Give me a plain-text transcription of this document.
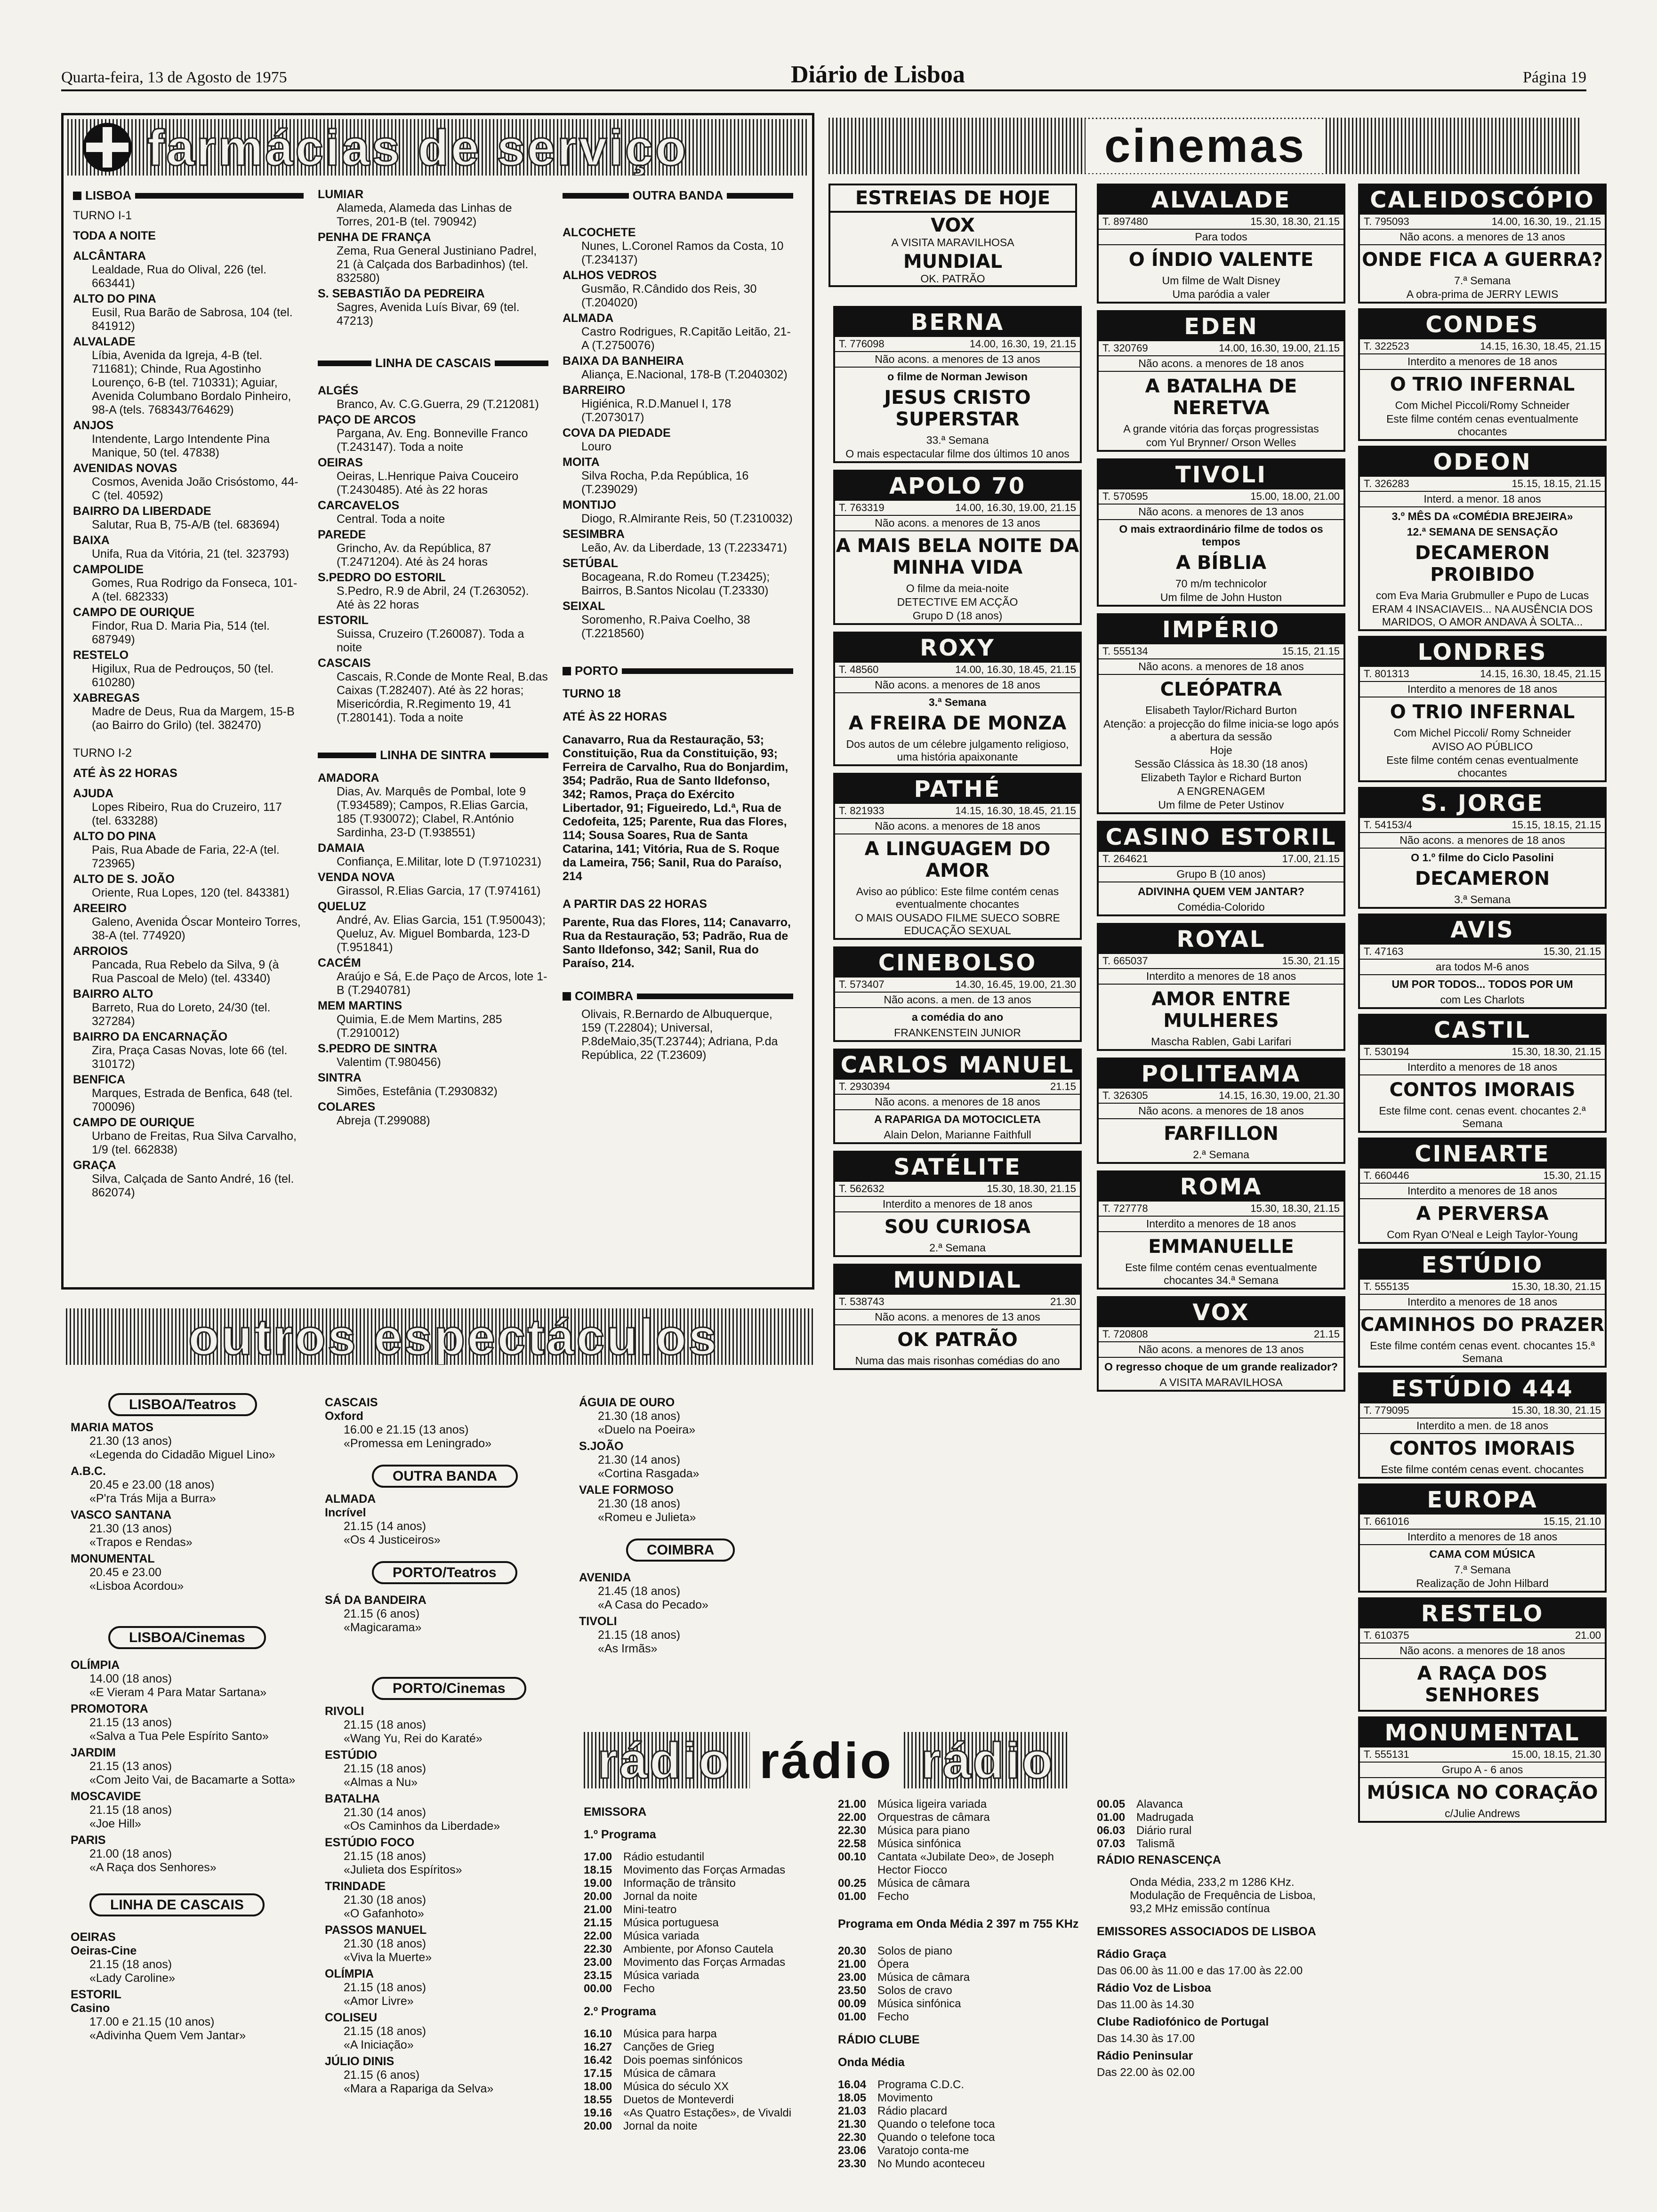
Quarta-feira, 13 de Agosto de 1975	Diário de Lisboa	Página 19
farmácias de serviço
LISBOA
TURNO I-1
TODA A NOITE
ALCÂNTARA
Lealdade, Rua do Olival, 226 (tel. 663441)
ALTO DO PINA
Eusil, Rua Barão de Sabrosa, 104 (tel. 841912)
ALVALADE
Líbia, Avenida da Igreja, 4-B (tel. 711681); Chinde, Rua Agostinho Lourenço, 6-B (tel. 710331); Aguiar, Avenida Columbano Bordalo Pinheiro, 98-A (tels. 768343/764629)
ANJOS
Intendente, Largo Intendente Pina Manique, 50 (tel. 47838)
AVENIDAS NOVAS
Cosmos, Avenida João Crisóstomo, 44-C (tel. 40592)
BAIRRO DA LIBERDADE
Salutar, Rua B, 75-A/B (tel. 683694)
BAIXA
Unifa, Rua da Vitória, 21 (tel. 323793)
CAMPOLIDE
Gomes, Rua Rodrigo da Fonseca, 101-A (tel. 682333)
CAMPO DE OURIQUE
Findor, Rua D. Maria Pia, 514 (tel. 687949)
RESTELO
Higilux, Rua de Pedrouços, 50 (tel. 610280)
XABREGAS
Madre de Deus, Rua da Margem, 15-B (ao Bairro do Grilo) (tel. 382470)
TURNO I-2
ATÉ ÀS 22 HORAS
AJUDA
Lopes Ribeiro, Rua do Cruzeiro, 117 (tel. 633288)
ALTO DO PINA
Pais, Rua Abade de Faria, 22-A (tel. 723965)
ALTO DE S. JOÃO
Oriente, Rua Lopes, 120 (tel. 843381)
AREEIRO
Galeno, Avenida Óscar Monteiro Torres, 38-A (tel. 774920)
ARROIOS
Pancada, Rua Rebelo da Silva, 9 (à Rua Pascoal de Melo) (tel. 43340)
BAIRRO ALTO
Barreto, Rua do Loreto, 24/30 (tel. 327284)
BAIRRO DA ENCARNAÇÃO
Zira, Praça Casas Novas, lote 66 (tel. 310172)
BENFICA
Marques, Estrada de Benfica, 648 (tel. 700096)
CAMPO DE OURIQUE
Urbano de Freitas, Rua Silva Carvalho, 1/9 (tel. 662838)
GRAÇA
Silva, Calçada de Santo André, 16 (tel. 862074)
LUMIAR
Alameda, Alameda das Linhas de Torres, 201-B (tel. 790942)
PENHA DE FRANÇA
Zema, Rua General Justiniano Padrel, 21 (à Calçada dos Barbadinhos) (tel. 832580)
S. SEBASTIÃO DA PEDREIRA
Sagres, Avenida Luís Bivar, 69 (tel. 47213)
LINHA DE CASCAIS
ALGÉS
Branco, Av. C.G.Guerra, 29 (T.212081)
PAÇO DE ARCOS
Pargana, Av. Eng. Bonneville Franco (T.243147). Toda a noite
OEIRAS
Oeiras, L.Henrique Paiva Couceiro (T.2430485). Até às 22 horas
CARCAVELOS
Central. Toda a noite
PAREDE
Grincho, Av. da República, 87 (T.2471204). Até às 24 horas
S.PEDRO DO ESTORIL
S.Pedro, R.9 de Abril, 24 (T.263052). Até às 22 horas
ESTORIL
Suissa, Cruzeiro (T.260087). Toda a noite
CASCAIS
Cascais, R.Conde de Monte Real, B.das Caixas (T.282407). Até às 22 horas; Misericórdia, R.Regimento 19, 41 (T.280141). Toda a noite
LINHA DE SINTRA
AMADORA
Dias, Av. Marquês de Pombal, lote 9 (T.934589); Campos, R.Elias Garcia, 185 (T.930072); Clabel, R.António Sardinha, 23-D (T.938551)
DAMAIA
Confiança, E.Militar, lote D (T.9710231)
VENDA NOVA
Girassol, R.Elias Garcia, 17 (T.974161)
QUELUZ
André, Av. Elias Garcia, 151 (T.950043); Queluz, Av. Miguel Bombarda, 123-D (T.951841)
CACÉM
Araújo e Sá, E.de Paço de Arcos, lote 1-B (T.2940781)
MEM MARTINS
Quimia, E.de Mem Martins, 285 (T.2910012)
S.PEDRO DE SINTRA
Valentim (T.980456)
SINTRA
Simões, Estefânia (T.2930832)
COLARES
Abreja (T.299088)
OUTRA BANDA
ALCOCHETE
Nunes, L.Coronel Ramos da Costa, 10 (T.234137)
ALHOS VEDROS
Gusmão, R.Cândido dos Reis, 30 (T.204020)
ALMADA
Castro Rodrigues, R.Capitão Leitão, 21-A (T.2750076)
BAIXA DA BANHEIRA
Aliança, E.Nacional, 178-B (T.2040302)
BARREIRO
Higiénica, R.D.Manuel I, 178 (T.2073017)
COVA DA PIEDADE
Louro
MOITA
Silva Rocha, P.da República, 16 (T.239029)
MONTIJO
Diogo, R.Almirante Reis, 50 (T.2310032)
SESIMBRA
Leão, Av. da Liberdade, 13 (T.2233471)
SETÚBAL
Bocageana, R.do Romeu (T.23425); Bairros, B.Santos Nicolau (T.23330)
SEIXAL
Soromenho, R.Paiva Coelho, 38 (T.2218560)
PORTO
TURNO 18
ATÉ ÀS 22 HORAS
Canavarro, Rua da Restauração, 53; Constituição, Rua da Constituição, 93; Ferreira de Carvalho, Rua do Bonjardim, 354; Padrão, Rua de Santo Ildefonso, 342; Ramos, Praça do Exército Libertador, 91; Figueiredo, Ld.ª, Rua de Cedofeita, 125; Parente, Rua das Flores, 114; Sousa Soares, Rua de Santa Catarina, 141; Vitória, Rua de S. Roque da Lameira, 756; Sanil, Rua do Paraíso, 214
A PARTIR DAS 22 HORAS
Parente, Rua das Flores, 114; Canavarro, Rua da Restauração, 53; Padrão, Rua de Santo Ildefonso, 342; Sanil, Rua do Paraíso, 214.
COIMBRA
Olivais, R.Bernardo de Albuquerque, 159 (T.22804); Universal, P.8deMaio,35(T.23744); Adriana, P.da República, 22 (T.23609)
cinemas
ESTREIAS DE HOJE
VOX
A VISITA MARAVILHOSA
MUNDIAL
OK. PATRÃO
BERNA
T. 776098	14.00, 16.30, 19, 21.15
Não acons. a menores de 13 anos
o filme de Norman Jewison
JESUS CRISTO SUPERSTAR
33.ª Semana
O mais espectacular filme dos últimos 10 anos
APOLO 70
T. 763319	14.00, 16.30, 19.00, 21.15
Não acons. a menores de 13 anos
A MAIS BELA NOITE DA MINHA VIDA
O filme da meia-noite
DETECTIVE EM ACÇÃO
Grupo D (18 anos)
ROXY
T. 48560	14.00, 16.30, 18.45, 21.15
Não acons. a menores de 18 anos
3.ª Semana
A FREIRA DE MONZA
Dos autos de um célebre julgamento religioso, uma história apaixonante
PATHÉ
T. 821933	14.15, 16.30, 18.45, 21.15
Não acons. a menores de 18 anos
A LINGUAGEM DO AMOR
Aviso ao público: Este filme contém cenas eventualmente chocantes
O MAIS OUSADO FILME SUECO SOBRE EDUCAÇÃO SEXUAL
CINEBOLSO
T. 573407	14.30, 16.45, 19.00, 21.30
Não acons. a men. de 13 anos
a comédia do ano
FRANKENSTEIN JUNIOR
CARLOS MANUEL
T. 2930394	21.15
Não acons. a menores de 18 anos
A RAPARIGA DA MOTOCICLETA
Alain Delon, Marianne Faithfull
SATÉLITE
T. 562632	15.30, 18.30, 21.15
Interdito a menores de 18 anos
SOU CURIOSA
2.ª Semana
MUNDIAL
T. 538743	21.30
Não acons. a menores de 13 anos
OK PATRÃO
Numa das mais risonhas comédias do ano
ALVALADE
T. 897480	15.30, 18.30, 21.15
Para todos
O ÍNDIO VALENTE
Um filme de Walt Disney
Uma paródia a valer
EDEN
T. 320769	14.00, 16.30, 19.00, 21.15
Não acons. a menores de 18 anos
A BATALHA DE NERETVA
A grande vitória das forças progressistas
com Yul Brynner/ Orson Welles
TIVOLI
T. 570595	15.00, 18.00, 21.00
Não acons. a menores de 13 anos
O mais extraordinário filme de todos os tempos
A BÍBLIA
70 m/m technicolor
Um filme de John Huston
IMPÉRIO
T. 555134	15.15, 21.15
Não acons. a menores de 18 anos
CLEÓPATRA
Elisabeth Taylor/Richard Burton
Atenção: a projecção do filme inicia-se logo após a abertura da sessão
Hoje
Sessão Clássica às 18.30 (18 anos)
Elizabeth Taylor e Richard Burton
A ENGRENAGEM
Um filme de Peter Ustinov
CASINO ESTORIL
T. 264621	17.00, 21.15
Grupo B (10 anos)
ADIVINHA QUEM VEM JANTAR?
Comédia-Colorido
ROYAL
T. 665037	15.30, 21.15
Interdito a menores de 18 anos
AMOR ENTRE MULHERES
Mascha Rablen, Gabi Larifari
POLITEAMA
T. 326305	14.15, 16.30, 19.00, 21.30
Não acons. a menores de 18 anos
FARFILLON
2.ª Semana
ROMA
T. 727778	15.30, 18.30, 21.15
Interdito a menores de 18 anos
EMMANUELLE
Este filme contém cenas eventualmente chocantes 34.ª Semana
VOX
T. 720808	21.15
Não acons. a menores de 13 anos
O regresso choque de um grande realizador?
A VISITA MARAVILHOSA
CALEIDOSCÓPIO
T. 795093	14.00, 16.30, 19., 21.15
Não acons. a menores de 13 anos
ONDE FICA A GUERRA?
7.ª Semana
A obra-prima de JERRY LEWIS
CONDES
T. 322523	14.15, 16.30, 18.45, 21.15
Interdito a menores de 18 anos
O TRIO INFERNAL
Com Michel Piccoli/Romy Schneider
Este filme contém cenas eventualmente chocantes
ODEON
T. 326283	15.15, 18.15, 21.15
Interd. a menor. 18 anos
3.º MÊS DA «COMÉDIA BREJEIRA»
12.ª SEMANA DE SENSAÇÃO
DECAMERON PROIBIDO
com Eva Maria Grubmuller e Pupo de Lucas
ERAM 4 INSACIAVEIS... NA AUSÊNCIA DOS MARIDOS, O AMOR ANDAVA À SOLTA...
LONDRES
T. 801313	14.15, 16.30, 18.45, 21.15
Interdito a menores de 18 anos
O TRIO INFERNAL
Com Michel Piccoli/ Romy Schneider
AVISO AO PÚBLICO
Este filme contém cenas eventualmente chocantes
S. JORGE
T. 54153/4	15.15, 18.15, 21.15
Não acons. a menores de 18 anos
O 1.º filme do Ciclo Pasolini
DECAMERON
3.ª Semana
AVIS
T. 47163	15.30, 21.15
ara todos M-6 anos
UM POR TODOS... TODOS POR UM
com Les Charlots
CASTIL
T. 530194	15.30, 18.30, 21.15
Interdito a menores de 18 anos
CONTOS IMORAIS
Este filme cont. cenas event. chocantes 2.ª Semana
CINEARTE
T. 660446	15.30, 21.15
Interdito a menores de 18 anos
A PERVERSA
Com Ryan O'Neal e Leigh Taylor-Young
ESTÚDIO
T. 555135	15.30, 18.30, 21.15
Interdito a menores de 18 anos
CAMINHOS DO PRAZER
Este filme contém cenas event. chocantes 15.ª Semana
ESTÚDIO 444
T. 779095	15.30, 18.30, 21.15
Interdito a men. de 18 anos
CONTOS IMORAIS
Este filme contém cenas event. chocantes
EUROPA
T. 661016	15.15, 21.10
Interdito a menores de 18 anos
CAMA COM MÚSICA
7.ª Semana
Realização de John Hilbard
RESTELO
T. 610375	21.00
Não acons. a menores de 18 anos
A RAÇA DOS SENHORES
MONUMENTAL
T. 555131	15.00, 18.15, 21.30
Grupo A - 6 anos
MÚSICA NO CORAÇÃO
c/Julie Andrews
outros espectáculos
LISBOA/Teatros
MARIA MATOS
21.30 (13 anos)
«Legenda do Cidadão Miguel Lino»
A.B.C.
20.45 e 23.00 (18 anos)
«P'ra Trás Mija a Burra»
VASCO SANTANA
21.30 (13 anos)
«Trapos e Rendas»
MONUMENTAL
20.45 e 23.00
«Lisboa Acordou»
LISBOA/Cinemas
OLÍMPIA
14.00 (18 anos)
«E Vieram 4 Para Matar Sartana»
PROMOTORA
21.15 (13 anos)
«Salva a Tua Pele Espírito Santo»
JARDIM
21.15 (13 anos)
«Com Jeito Vai, de Bacamarte a Sotta»
MOSCAVIDE
21.15 (18 anos)
«Joe Hill»
PARIS
21.00 (18 anos)
«A Raça dos Senhores»
LINHA DE CASCAIS
OEIRAS
Oeiras-Cine
21.15 (18 anos)
«Lady Caroline»
ESTORIL
Casino
17.00 e 21.15 (10 anos)
«Adivinha Quem Vem Jantar»
CASCAIS
Oxford
16.00 e 21.15 (13 anos)
«Promessa em Leningrado»
OUTRA BANDA
ALMADA
Incrível
21.15 (14 anos)
«Os 4 Justiceiros»
PORTO/Teatros
SÁ DA BANDEIRA
21.15 (6 anos)
«Magicarama»
PORTO/Cinemas
RIVOLI
21.15 (18 anos)
«Wang Yu, Rei do Karaté»
ESTÚDIO
21.15 (18 anos)
«Almas a Nu»
BATALHA
21.30 (14 anos)
«Os Caminhos da Liberdade»
ESTÚDIO FOCO
21.15 (18 anos)
«Julieta dos Espíritos»
TRINDADE
21.30 (18 anos)
«O Gafanhoto»
PASSOS MANUEL
21.30 (18 anos)
«Viva la Muerte»
OLÍMPIA
21.15 (18 anos)
«Amor Livre»
COLISEU
21.15 (18 anos)
«A Iniciação»
JÚLIO DINIS
21.15 (6 anos)
«Mara a Rapariga da Selva»
ÁGUIA DE OURO
21.30 (18 anos)
«Duelo na Poeira»
S.JOÃO
21.30 (14 anos)
«Cortina Rasgada»
VALE FORMOSO
21.30 (18 anos)
«Romeu e Julieta»
COIMBRA
AVENIDA
21.45 (18 anos)
«A Casa do Pecado»
TIVOLI
21.15 (18 anos)
«As Irmãs»
rádio rádio rádio
EMISSORA
1.º Programa
17.00 Rádio estudantil
18.15 Movimento das Forças Armadas
19.00 Informação de trânsito
20.00 Jornal da noite
21.00 Mini-teatro
21.15 Música portuguesa
22.00 Música variada
22.30 Ambiente, por Afonso Cautela
23.00 Movimento das Forças Armadas
23.15 Música variada
00.00 Fecho
2.º Programa
16.10 Música para harpa
16.27 Canções de Grieg
16.42 Dois poemas sinfónicos
17.15 Música de câmara
18.00 Música do século XX
18.55 Duetos de Monteverdi
19.16 «As Quatro Estações», de Vivaldi
20.00 Jornal da noite
21.00 Música ligeira variada
22.00 Orquestras de câmara
22.30 Música para piano
22.58 Música sinfónica
00.10 Cantata «Jubilate Deo», de Joseph Hector Fiocco
00.25 Música de câmara
01.00 Fecho
Programa em Onda Média 2 397 m 755 KHz
20.30 Solos de piano
21.00 Ópera
23.00 Música de câmara
23.50 Solos de cravo
00.09 Música sinfónica
01.00 Fecho
RÁDIO CLUBE
Onda Média
16.04 Programa C.D.C.
18.05 Movimento
21.03 Rádio placard
21.30 Quando o telefone toca
22.30 Quando o telefone toca
23.06 Varatojo conta-me
23.30 No Mundo aconteceu
00.05 Alavanca
01.00 Madrugada
06.03 Diário rural
07.03 Talismã
RÁDIO RENASCENÇA
Onda Média, 233,2 m 1286 KHz. Modulação de Frequência de Lisboa, 93,2 MHz emissão contínua
EMISSORES ASSOCIADOS DE LISBOA
Rádio Graça
Das 06.00 às 11.00 e das 17.00 às 22.00
Rádio Voz de Lisboa
Das 11.00 às 14.30
Clube Radiofónico de Portugal
Das 14.30 às 17.00
Rádio Peninsular
Das 22.00 às 02.00
